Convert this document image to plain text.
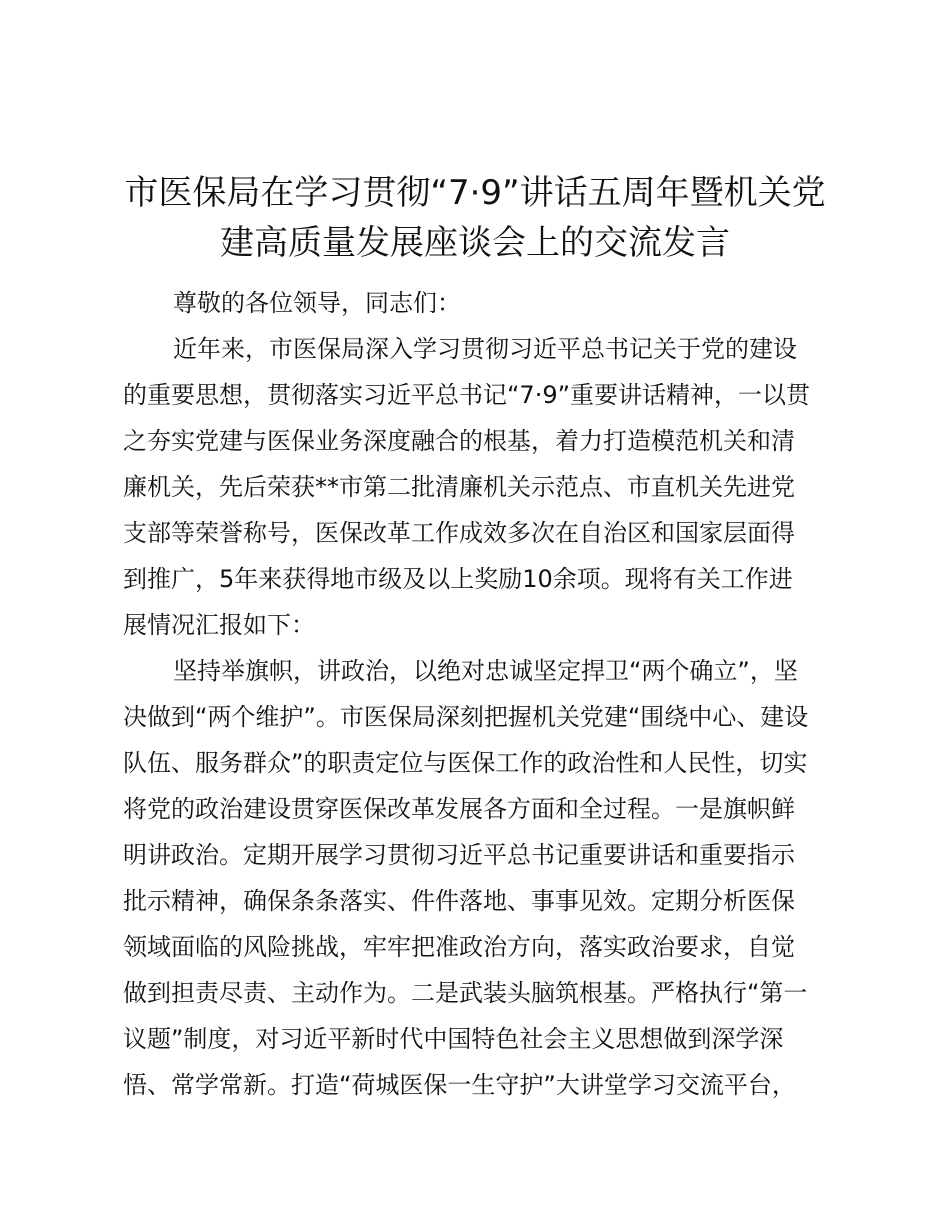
市医保局在学习贯彻“7·9”讲话五周年暨机关党
建高质量发展座谈会上的交流发言
尊敬的各位领导，同志们：
近年来，市医保局深入学习贯彻习近平总书记关于党的建设
的重要思想，贯彻落实习近平总书记“7·9”重要讲话精神，一以贯
之夯实党建与医保业务深度融合的根基，着力打造模范机关和清
廉机关，先后荣获**市第二批清廉机关示范点、市直机关先进党
支部等荣誉称号，医保改革工作成效多次在自治区和国家层面得
到推广，5年来获得地市级及以上奖励10余项。现将有关工作进
展情况汇报如下：
坚持举旗帜，讲政治，以绝对忠诚坚定捍卫“两个确立”，坚
决做到“两个维护”。市医保局深刻把握机关党建“围绕中心、建设
队伍、服务群众”的职责定位与医保工作的政治性和人民性，切实
将党的政治建设贯穿医保改革发展各方面和全过程。一是旗帜鲜
明讲政治。定期开展学习贯彻习近平总书记重要讲话和重要指示
批示精神，确保条条落实、件件落地、事事见效。定期分析医保
领域面临的风险挑战，牢牢把准政治方向，落实政治要求，自觉
做到担责尽责、主动作为。二是武装头脑筑根基。严格执行“第一
议题”制度，对习近平新时代中国特色社会主义思想做到深学深
悟、常学常新。打造“荷城医保一生守护”大讲堂学习交流平台，
